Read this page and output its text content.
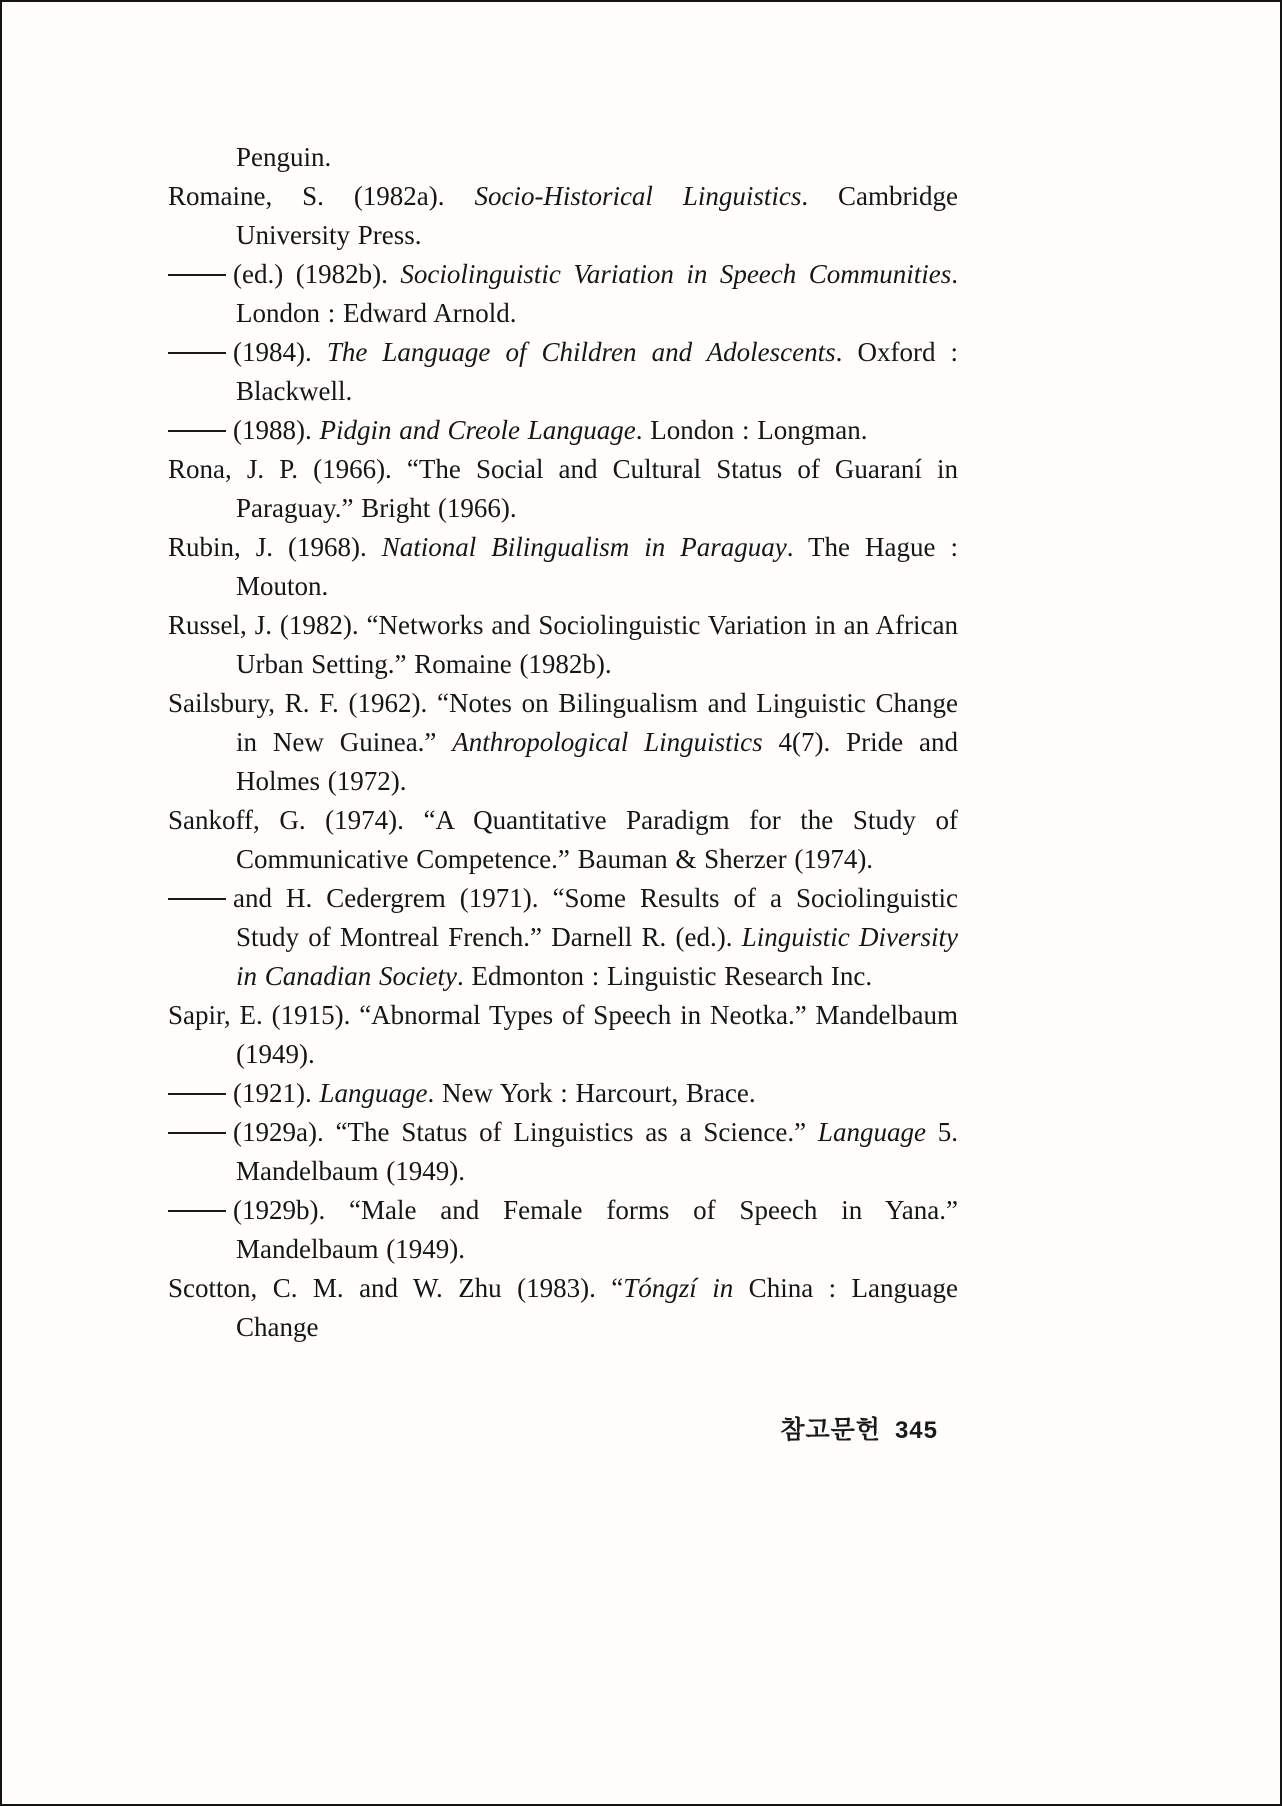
Penguin.

Romaine, S. (1982a). Socio-Historical Linguistics. Cambridge University Press.

(ed.) (1982b). Sociolinguistic Variation in Speech Communities. London : Edward Arnold.

(1984). The Language of Children and Adolescents. Oxford : Blackwell.

(1988). Pidgin and Creole Language. London : Longman.

Rona, J. P. (1966). “The Social and Cultural Status of Guaraní in Paraguay.” Bright (1966).

Rubin, J. (1968). National Bilingualism in Paraguay. The Hague : Mouton.

Russel, J. (1982). “Networks and Sociolinguistic Variation in an African Urban Setting.” Romaine (1982b).

Sailsbury, R. F. (1962). “Notes on Bilingualism and Linguistic Change in New Guinea.” Anthropological Linguistics 4(7). Pride and Holmes (1972).

Sankoff, G. (1974). “A Quantitative Paradigm for the Study of Communicative Competence.” Bauman & Sherzer (1974).

and H. Cedergrem (1971). “Some Results of a Sociolinguistic Study of Montreal French.” Darnell R. (ed.). Linguistic Diversity in Canadian Society. Edmonton : Linguistic Research Inc.

Sapir, E. (1915). “Abnormal Types of Speech in Neotka.” Mandelbaum (1949).

(1921). Language. New York : Harcourt, Brace.

(1929a). “The Status of Linguistics as a Science.” Language 5. Mandelbaum (1949).

(1929b). “Male and Female forms of Speech in Yana.” Mandelbaum (1949).

Scotton, C. M. and W. Zhu (1983). “Tóngzí in China : Language Change

참고문헌 345
